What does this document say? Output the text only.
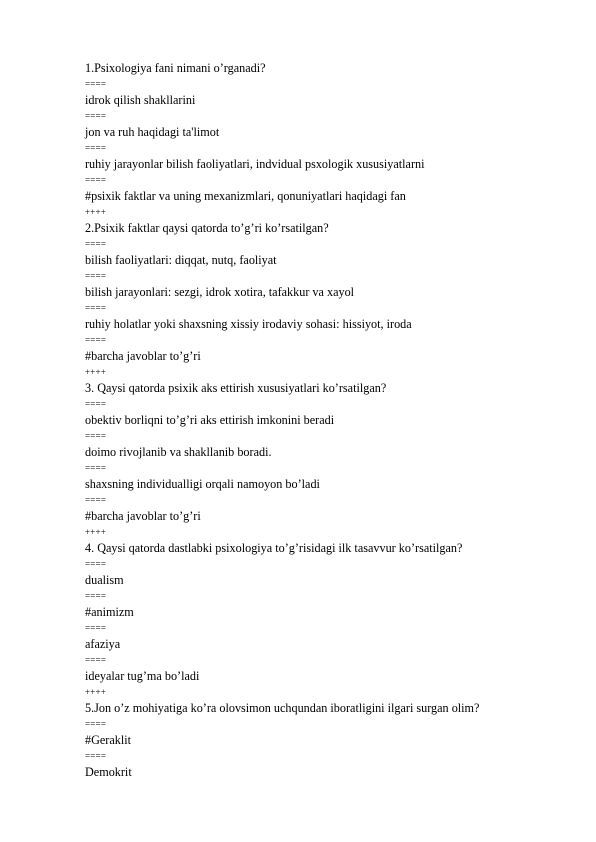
1.Psixologiya fani nimani o’rganadi?
====
idrok qilish shakllarini
====
jon va ruh haqidagi ta'limot
====
ruhiy jarayonlar bilish faoliyatlari, indvidual psxologik xususiyatlarni
====
#psixik faktlar va uning mexanizmlari, qonuniyatlari haqidagi fan
++++
2.Psixik faktlar qaysi qatorda to’g’ri ko’rsatilgan?
====
bilish faoliyatlari: diqqat, nutq, faoliyat
====
bilish jarayonlari: sezgi, idrok xotira, tafakkur va xayol
====
ruhiy holatlar yoki shaxsning xissiy irodaviy sohasi: hissiyot, iroda
====
#barcha javoblar to’g’ri
++++
3. Qaysi qatorda psixik aks ettirish xususiyatlari ko’rsatilgan?
====
obektiv borliqni to’g’ri aks ettirish imkonini beradi
====
doimo rivojlanib va shakllanib boradi.
====
shaxsning individualligi orqali namoyon bo’ladi
====
#barcha javoblar to’g’ri
++++
4. Qaysi qatorda dastlabki psixologiya to’g’risidagi ilk tasavvur ko’rsatilgan?
====
dualism
====
#animizm
====
afaziya
====
ideyalar tug’ma bo’ladi
++++
5.Jon o’z mohiyatiga ko’ra olovsimon uchqundan iboratligini ilgari surgan olim?
====
#Geraklit
====
Demokrit
